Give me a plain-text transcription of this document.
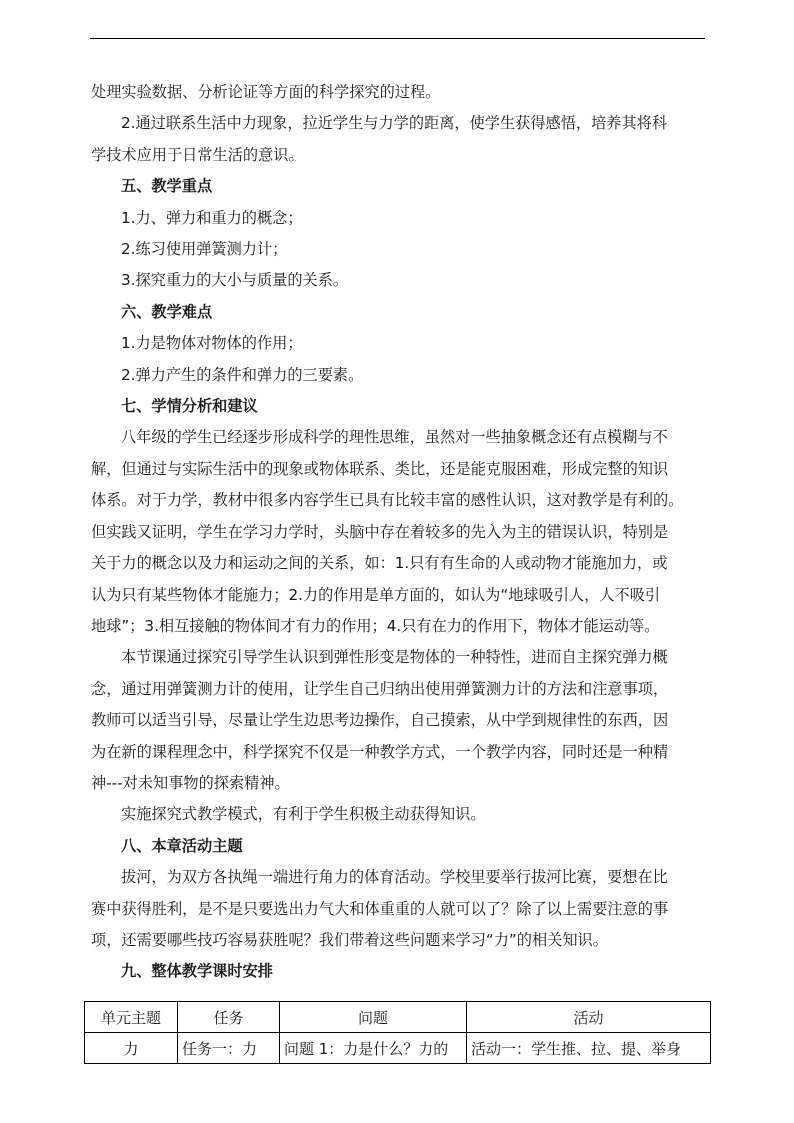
处理实验数据、分析论证等方面的科学探究的过程。

2.通过联系生活中力现象，拉近学生与力学的距离，使学生获得感悟，培养其将科

学技术应用于日常生活的意识。

五、教学重点

1.力、弹力和重力的概念；

2.练习使用弹簧测力计；

3.探究重力的大小与质量的关系。

六、教学难点

1.力是物体对物体的作用；

2.弹力产生的条件和弹力的三要素。

七、学情分析和建议

八年级的学生已经逐步形成科学的理性思维，虽然对一些抽象概念还有点模糊与不

解，但通过与实际生活中的现象或物体联系、类比，还是能克服困难，形成完整的知识

体系。对于力学，教材中很多内容学生已具有比较丰富的感性认识，这对教学是有利的。

但实践又证明，学生在学习力学时，头脑中存在着较多的先入为主的错误认识，特别是

关于力的概念以及力和运动之间的关系，如：1.只有有生命的人或动物才能施加力，或

认为只有某些物体才能施力；2.力的作用是单方面的，如认为“地球吸引人，人不吸引

地球”；3.相互接触的物体间才有力的作用；4.只有在力的作用下，物体才能运动等。

本节课通过探究引导学生认识到弹性形变是物体的一种特性，进而自主探究弹力概

念，通过用弹簧测力计的使用，让学生自己归纳出使用弹簧测力计的方法和注意事项，

教师可以适当引导，尽量让学生边思考边操作，自己摸索，从中学到规律性的东西，因

为在新的课程理念中，科学探究不仅是一种教学方式，一个教学内容，同时还是一种精

神---对未知事物的探索精神。

实施探究式教学模式，有利于学生积极主动获得知识。

八、本章活动主题

拔河，为双方各执绳一端进行角力的体育活动。学校里要举行拔河比赛，要想在比

赛中获得胜利，是不是只要选出力气大和体重重的人就可以了？除了以上需要注意的事

项，还需要哪些技巧容易获胜呢？我们带着这些问题来学习“力”的相关知识。

九、整体教学课时安排

单元主题	任务	问题	活动
力	任务一：力	问题 1：力是什么？力的	活动一：学生推、拉、提、举身
